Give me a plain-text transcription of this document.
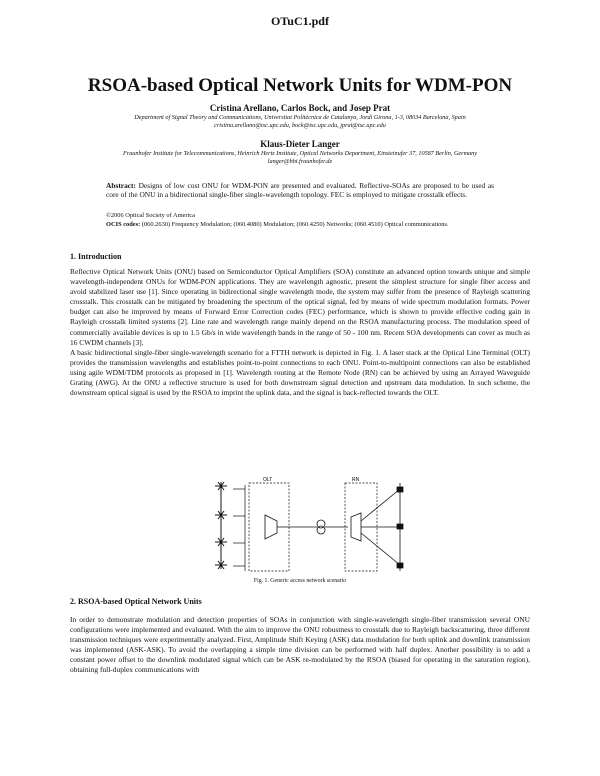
OTuC1.pdf
RSOA-based Optical Network Units for WDM-PON
Cristina Arellano, Carlos Bock, and Josep Prat
Department of Signal Theory and Communications, Universitat Politècnica de Catalunya, Jordi Girona, 1-3, 08034 Barcelona, Spain
cristina.arellano@tsc.upc.edu, bock@tsc.upc.edu, jprat@tsc.upc.edu
Klaus-Dieter Langer
Fraunhofer Institute for Telecommunications, Heinrich Hertz Institute, Optical Networks Department, Einsteinufer 37, 10587 Berlin, Germany
langer@hhi.fraunhofer.de
Abstract: Designs of low cost ONU for WDM-PON are presented and evaluated. Reflective-SOAs are proposed to be used as core of the ONU in a bidirectional single-fiber single-wavelength topology. FEC is employed to mitigate crosstalk effects.
©2006 Optical Society of America
OCIS codes: (060.2630) Frequency Modulation; (060.4080) Modulation; (060.4250) Networks; (060.4510) Optical communications.
1. Introduction

Reflective Optical Network Units (ONU) based on Semiconductor Optical Amplifiers (SOA) constitute an advanced option towards unique and simple wavelength-independent ONUs for WDM-PON applications. They are wavelength agnostic, present the simplest structure for single fiber access and avoid stabilized laser use [1]. Since operating in bidirectional single wavelength mode, the system may suffer from the presence of Rayleigh scattering crosstalk. This crosstalk can be mitigated by broadening the spectrum of the optical signal, fed by means of wide spectrum modulation formats. Power budget can also be improved by means of Forward Error Correction codes (FEC) performance, which is shown to provide effective coding gain in Rayleigh crosstalk limited systems [2]. Line rate and wavelength range mainly depend on the RSOA manufacturing process. The modulation speed of commercially available devices is up to 1.5 Gb/s in wide wavelength bands in the range of 50 - 100 nm. Recent SOA developments can cover as much as 16 CWDM channels [3].

A basic bidirectional single-fiber single-wavelength scenario for a FTTH network is depicted in Fig. 1. A laser stack at the Optical Line Terminal (OLT) provides the transmission wavelengths and establishes point-to-point connections to each ONU. Point-to-multipoint connections can also be established using agile WDM/TDM protocols as proposed in [1]. Wavelength routing at the Remote Node (RN) can be achieved by using an Arrayed Waveguide Grating (AWG). At the ONU a reflective structure is used for both downstream signal detection and upstream data modulation. In such scheme, the downstream optical signal is used by the RSOA to imprint the uplink data, and the signal is back-reflected towards the OLT.

OLT	RN
Fig. 1. Generic access network scenario
2. RSOA-based Optical Network Units

In order to demonstrate modulation and detection properties of SOAs in conjunction with single-wavelength single-fiber transmission several ONU configurations were implemented and evaluated. With the aim to improve the ONU robustness to crosstalk due to Rayleigh backscattering, three different transmission techniques were experimentally analyzed. First, Amplitude Shift Keying (ASK) data modulation for both uplink and downlink transmission was implemented (ASK-ASK). To avoid the overlapping a simple time division can be performed with half duplex. Another possibility is to add a constant power offset to the downlink modulated signal which can be ASK re-modulated by the RSOA (biased for operating in the saturation region), obtaining full-duplex communications with
